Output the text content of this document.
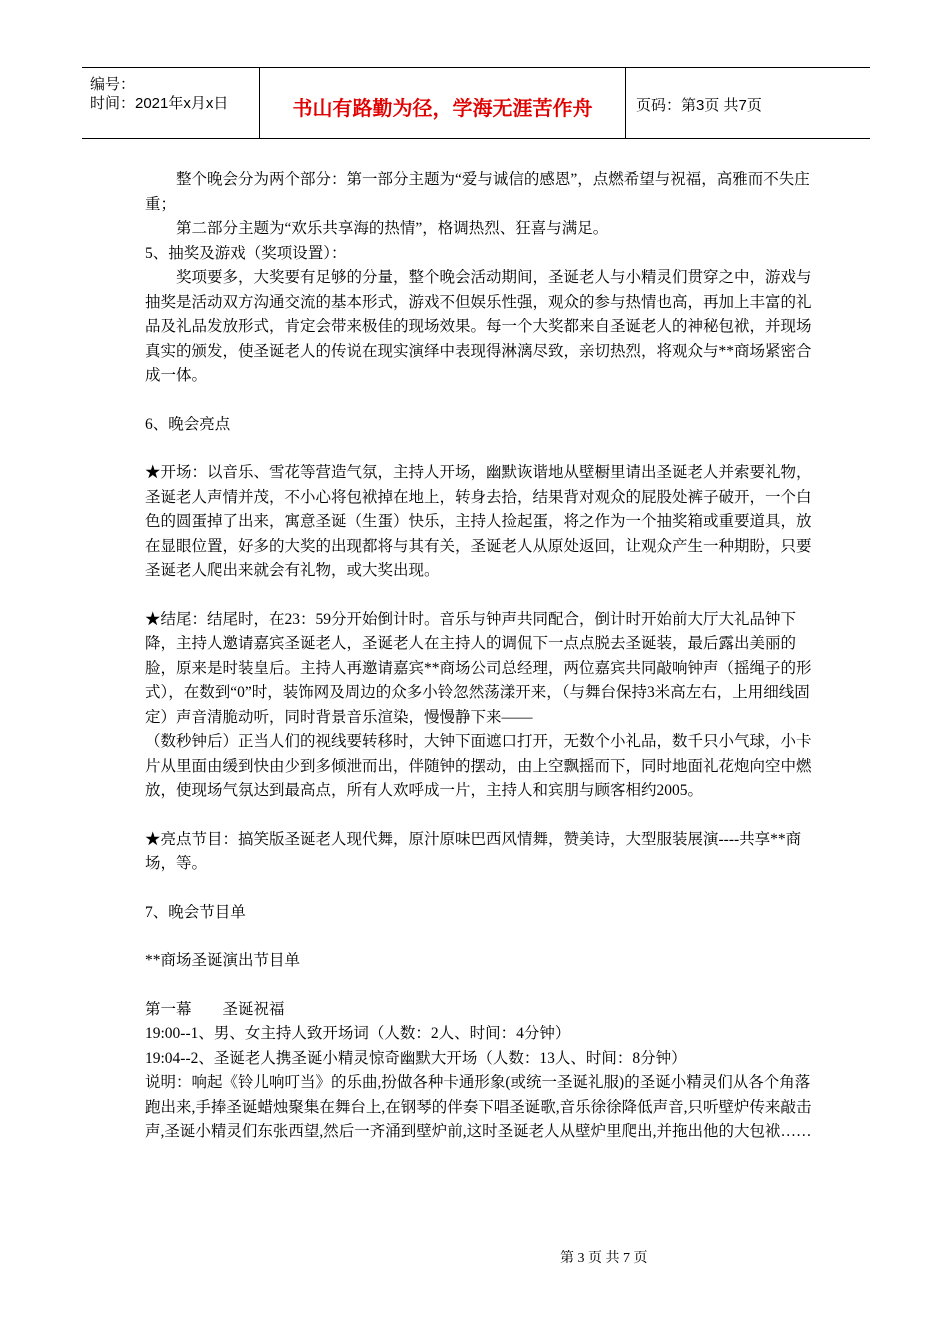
编号：
时间：2021年x月x日	书山有路勤为径，学海无涯苦作舟	页码：第3页 共7页

整个晚会分为两个部分：第一部分主题为“爱与诚信的感恩”，点燃希望与祝福，高雅而不失庄重；

第二部分主题为“欢乐共享海的热情”，格调热烈、狂喜与满足。

5、抽奖及游戏（奖项设置）：

奖项要多，大奖要有足够的分量，整个晚会活动期间，圣诞老人与小精灵们贯穿之中，游戏与抽奖是活动双方沟通交流的基本形式，游戏不但娱乐性强，观众的参与热情也高，再加上丰富的礼品及礼品发放形式，肯定会带来极佳的现场效果。每一个大奖都来自圣诞老人的神秘包袱，并现场真实的颁发，使圣诞老人的传说在现实演绎中表现得淋漓尽致，亲切热烈，将观众与**商场紧密合成一体。

6、晚会亮点

★开场：以音乐、雪花等营造气氛，主持人开场，幽默诙谐地从壁橱里请出圣诞老人并索要礼物，圣诞老人声情并茂，不小心将包袱掉在地上，转身去拾，结果背对观众的屁股处裤子破开，一个白色的圆蛋掉了出来，寓意圣诞（生蛋）快乐，主持人捡起蛋，将之作为一个抽奖箱或重要道具，放在显眼位置，好多的大奖的出现都将与其有关，圣诞老人从原处返回，让观众产生一种期盼，只要圣诞老人爬出来就会有礼物，或大奖出现。

★结尾：结尾时，在23：59分开始倒计时。音乐与钟声共同配合，倒计时开始前大厅大礼品钟下降，主持人邀请嘉宾圣诞老人，圣诞老人在主持人的调侃下一点点脱去圣诞装，最后露出美丽的脸，原来是时装皇后。主持人再邀请嘉宾**商场公司总经理，两位嘉宾共同敲响钟声（摇绳子的形式），在数到“0”时，装饰网及周边的众多小铃忽然荡漾开来，（与舞台保持3米高左右，上用细线固定）声音清脆动听，同时背景音乐渲染，慢慢静下来——

（数秒钟后）正当人们的视线要转移时，大钟下面遮口打开，无数个小礼品，数千只小气球，小卡片从里面由缓到快由少到多倾泄而出，伴随钟的摆动，由上空飘摇而下，同时地面礼花炮向空中燃放，使现场气氛达到最高点，所有人欢呼成一片，主持人和宾朋与顾客相约2005。

★亮点节目：搞笑版圣诞老人现代舞，原汁原味巴西风情舞，赞美诗，大型服装展演----共享**商场，等。

7、晚会节目单

**商场圣诞演出节目单

第一幕　　圣诞祝福

19:00--1、男、女主持人致开场词（人数：2人、时间：4分钟）

19:04--2、圣诞老人携圣诞小精灵惊奇幽默大开场（人数：13人、时间：8分钟）

说明：响起《铃儿响叮当》的乐曲,扮做各种卡通形象(或统一圣诞礼服)的圣诞小精灵们从各个角落跑出来,手捧圣诞蜡烛聚集在舞台上,在钢琴的伴奏下唱圣诞歌,音乐徐徐降低声音,只听壁炉传来敲击声,圣诞小精灵们东张西望,然后一齐涌到壁炉前,这时圣诞老人从壁炉里爬出,并拖出他的大包袱……

第 3 页 共 7 页
